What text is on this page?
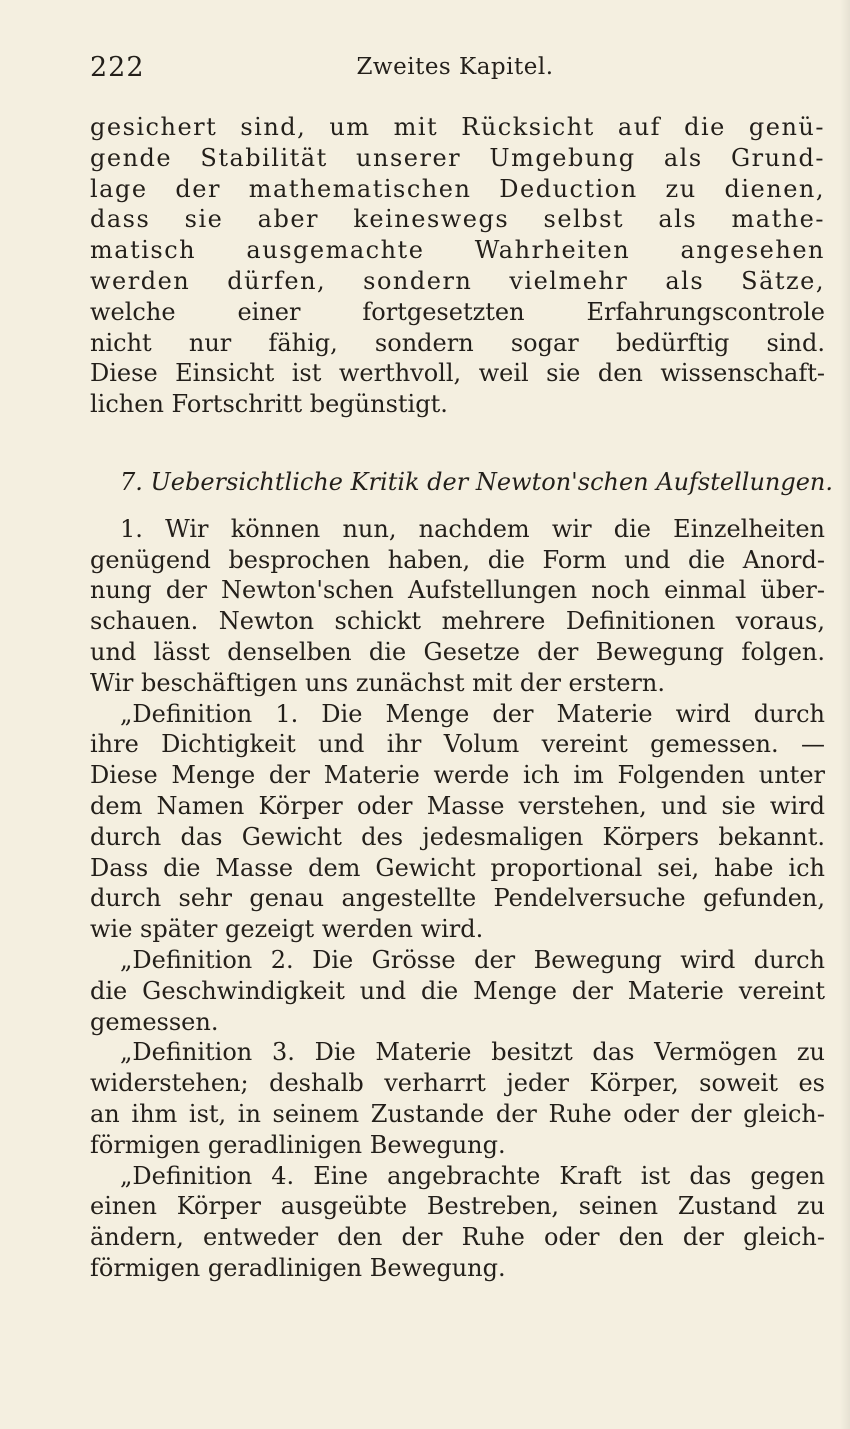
222	Zweites Kapitel.
gesichert sind, um mit Rücksicht auf die genü-
gende Stabilität unserer Umgebung als Grund-
lage der mathematischen Deduction zu dienen,
dass sie aber keineswegs selbst als mathe-
matisch ausgemachte Wahrheiten angesehen
werden dürfen, sondern vielmehr als Sätze,
welche einer fortgesetzten Erfahrungscontrole
nicht nur fähig, sondern sogar bedürftig sind.
Diese Einsicht ist werthvoll, weil sie den wissenschaft-
lichen Fortschritt begünstigt.
7. Uebersichtliche Kritik der Newton'schen Aufstellungen.
1. Wir können nun, nachdem wir die Einzelheiten
genügend besprochen haben, die Form und die Anord-
nung der Newton'schen Aufstellungen noch einmal über-
schauen. Newton schickt mehrere Definitionen voraus,
und lässt denselben die Gesetze der Bewegung folgen.
Wir beschäftigen uns zunächst mit der erstern.
„Definition 1. Die Menge der Materie wird durch
ihre Dichtigkeit und ihr Volum vereint gemessen. —
Diese Menge der Materie werde ich im Folgenden unter
dem Namen Körper oder Masse verstehen, und sie wird
durch das Gewicht des jedesmaligen Körpers bekannt.
Dass die Masse dem Gewicht proportional sei, habe ich
durch sehr genau angestellte Pendelversuche gefunden,
wie später gezeigt werden wird.
„Definition 2. Die Grösse der Bewegung wird durch
die Geschwindigkeit und die Menge der Materie vereint
gemessen.
„Definition 3. Die Materie besitzt das Vermögen zu
widerstehen; deshalb verharrt jeder Körper, soweit es
an ihm ist, in seinem Zustande der Ruhe oder der gleich-
förmigen geradlinigen Bewegung.
„Definition 4. Eine angebrachte Kraft ist das gegen
einen Körper ausgeübte Bestreben, seinen Zustand zu
ändern, entweder den der Ruhe oder den der gleich-
förmigen geradlinigen Bewegung.
